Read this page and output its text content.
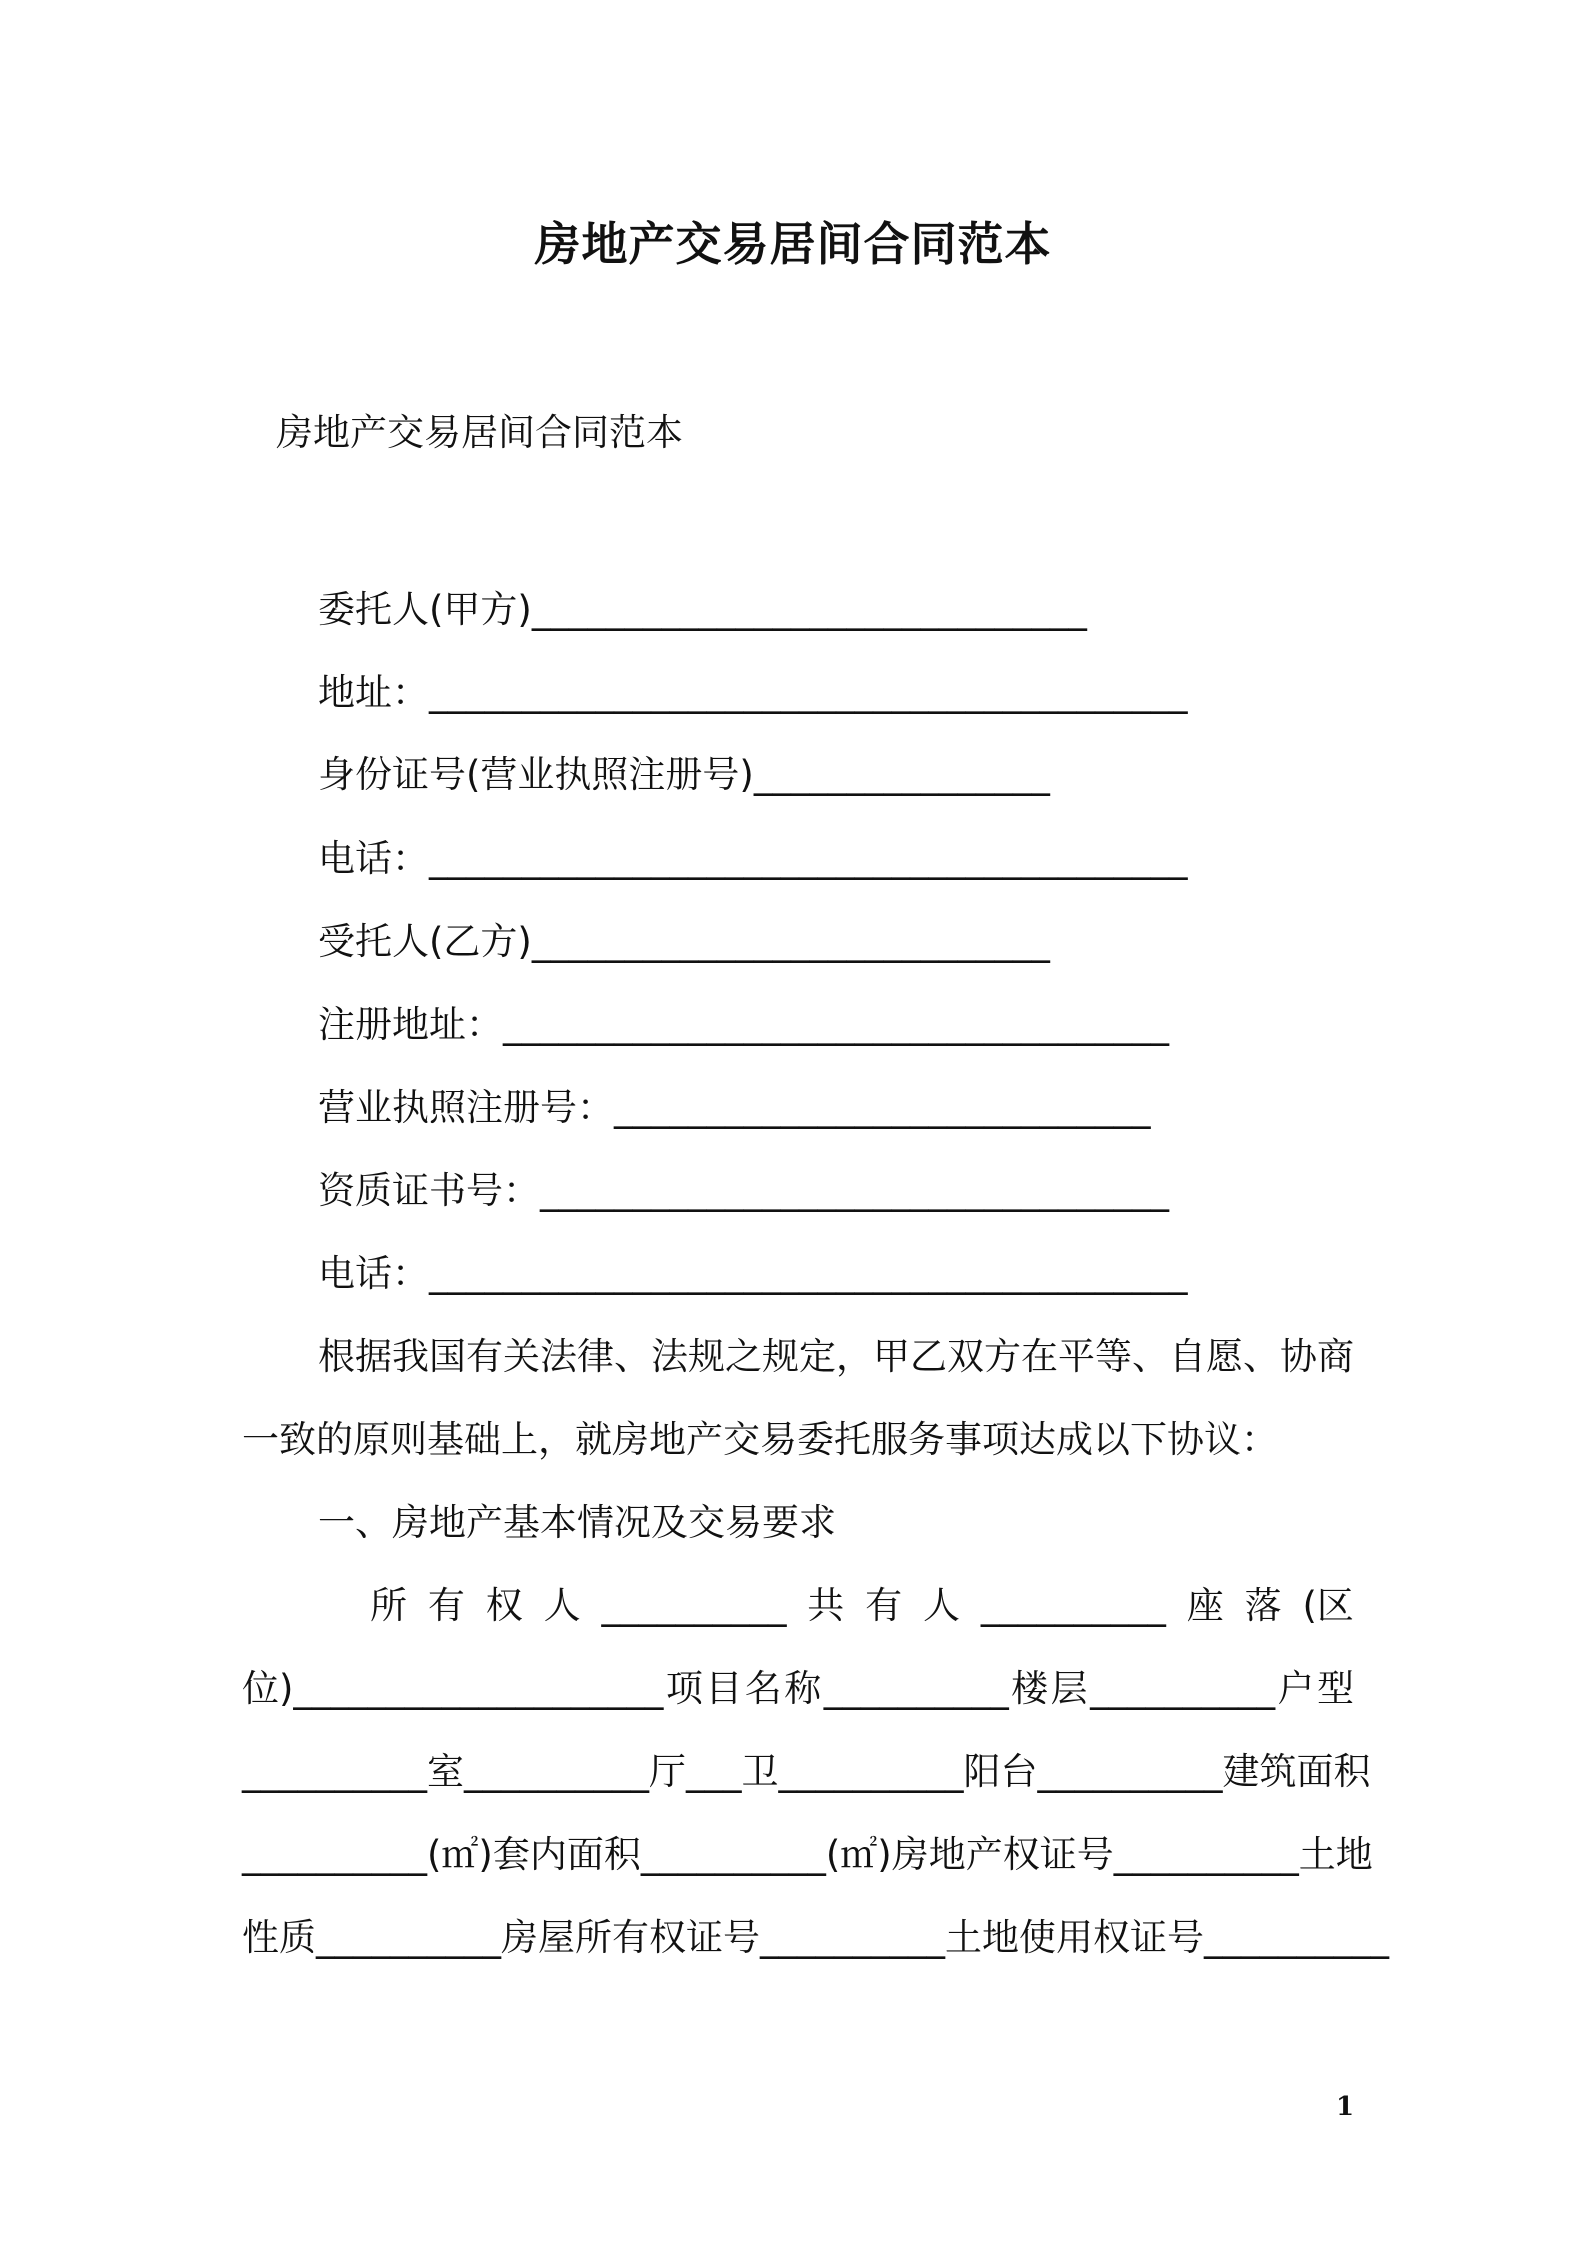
房地产交易居间合同范本
房地产交易居间合同范本
委托人(甲方)______________________________
地址：_________________________________________
身份证号(营业执照注册号)________________
电话：_________________________________________
受托人(乙方)____________________________
注册地址：____________________________________
营业执照注册号：_____________________________
资质证书号：__________________________________
电话：_________________________________________
根据我国有关法律、法规之规定，甲乙双方在平等、自愿、协商
一致的原则基础上，就房地产交易委托服务事项达成以下协议：
一、房地产基本情况及交易要求
所 有 权 人 __________ 共 有 人 __________ 座 落 (区
位)____________________ 项 目 名 称 __________ 楼 层 __________ 户 型
__________ 室 __________ 厅 ___ 卫 __________ 阳 台 __________ 建 筑 面 积
__________ (㎡)套内面积 __________ (㎡) 房地产权证号 __________ 土地
性质 __________ 房屋所有权证号 __________ 土地使用权证号 __________
1
